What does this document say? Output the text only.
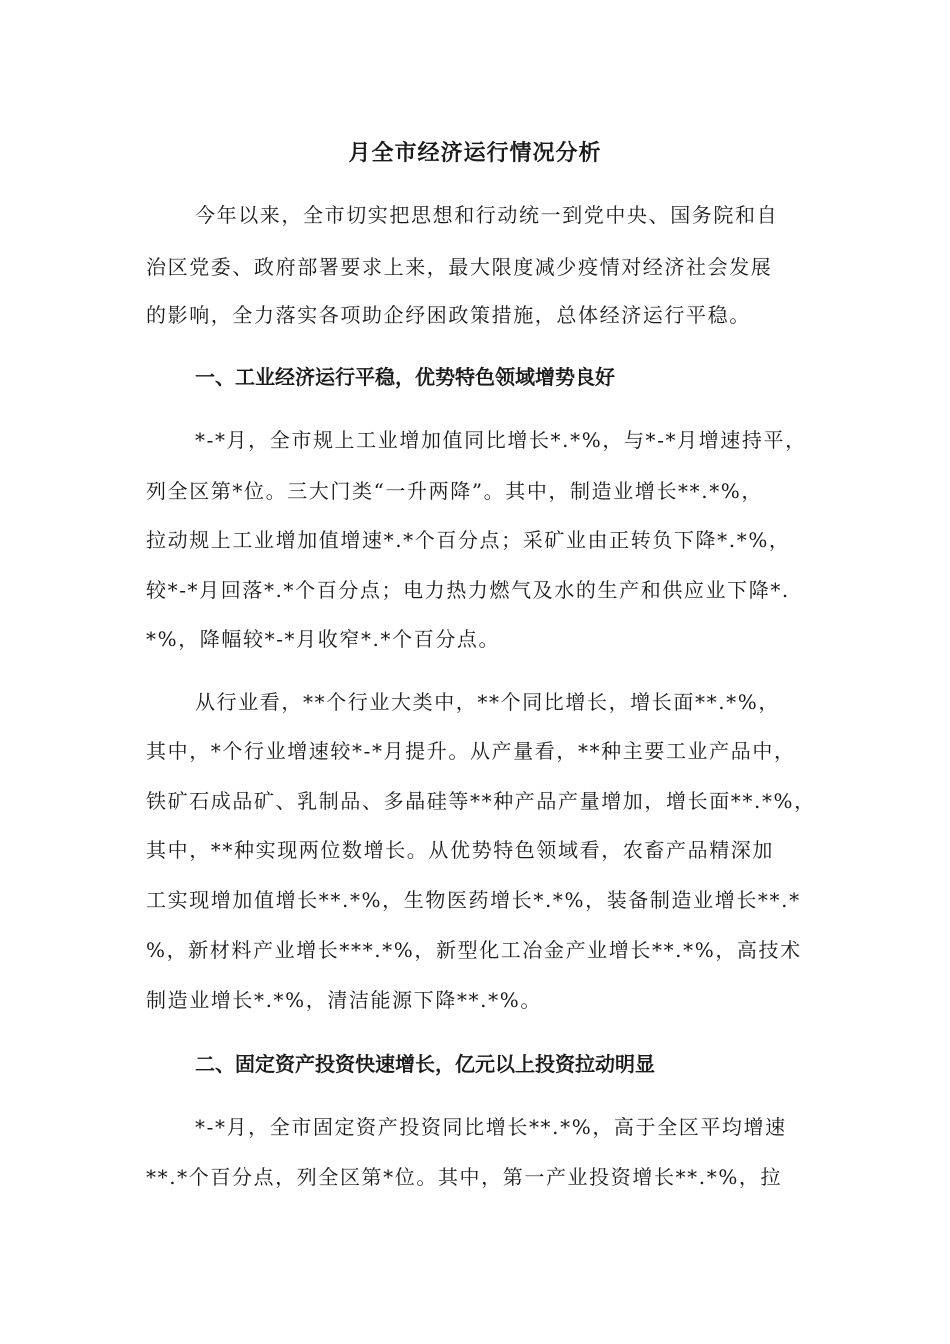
月全市经济运行情况分析
今年以来，全市切实把思想和行动统一到党中央、国务院和自
治区党委、政府部署要求上来，最大限度减少疫情对经济社会发展
的影响，全力落实各项助企纾困政策措施，总体经济运行平稳。
一、工业经济运行平稳，优势特色领域增势良好
*-*月，全市规上工业增加值同比增长*.*%，与*-*月增速持平，
列全区第*位。三大门类“一升两降”。其中，制造业增长**.*%，
拉动规上工业增加值增速*.*个百分点；采矿业由正转负下降*.*%，
较*-*月回落*.*个百分点；电力热力燃气及水的生产和供应业下降*.
*%，降幅较*-*月收窄*.*个百分点。
从行业看，**个行业大类中，**个同比增长，增长面**.*%，
其中，*个行业增速较*-*月提升。从产量看，**种主要工业产品中，
铁矿石成品矿、乳制品、多晶硅等**种产品产量增加，增长面**.*%，
其中，**种实现两位数增长。从优势特色领域看，农畜产品精深加
工实现增加值增长**.*%，生物医药增长*.*%，装备制造业增长**.*
%，新材料产业增长***.*%，新型化工冶金产业增长**.*%，高技术
制造业增长*.*%，清洁能源下降**.*%。
二、固定资产投资快速增长，亿元以上投资拉动明显
*-*月，全市固定资产投资同比增长**.*%，高于全区平均增速
**.*个百分点，列全区第*位。其中，第一产业投资增长**.*%，拉
